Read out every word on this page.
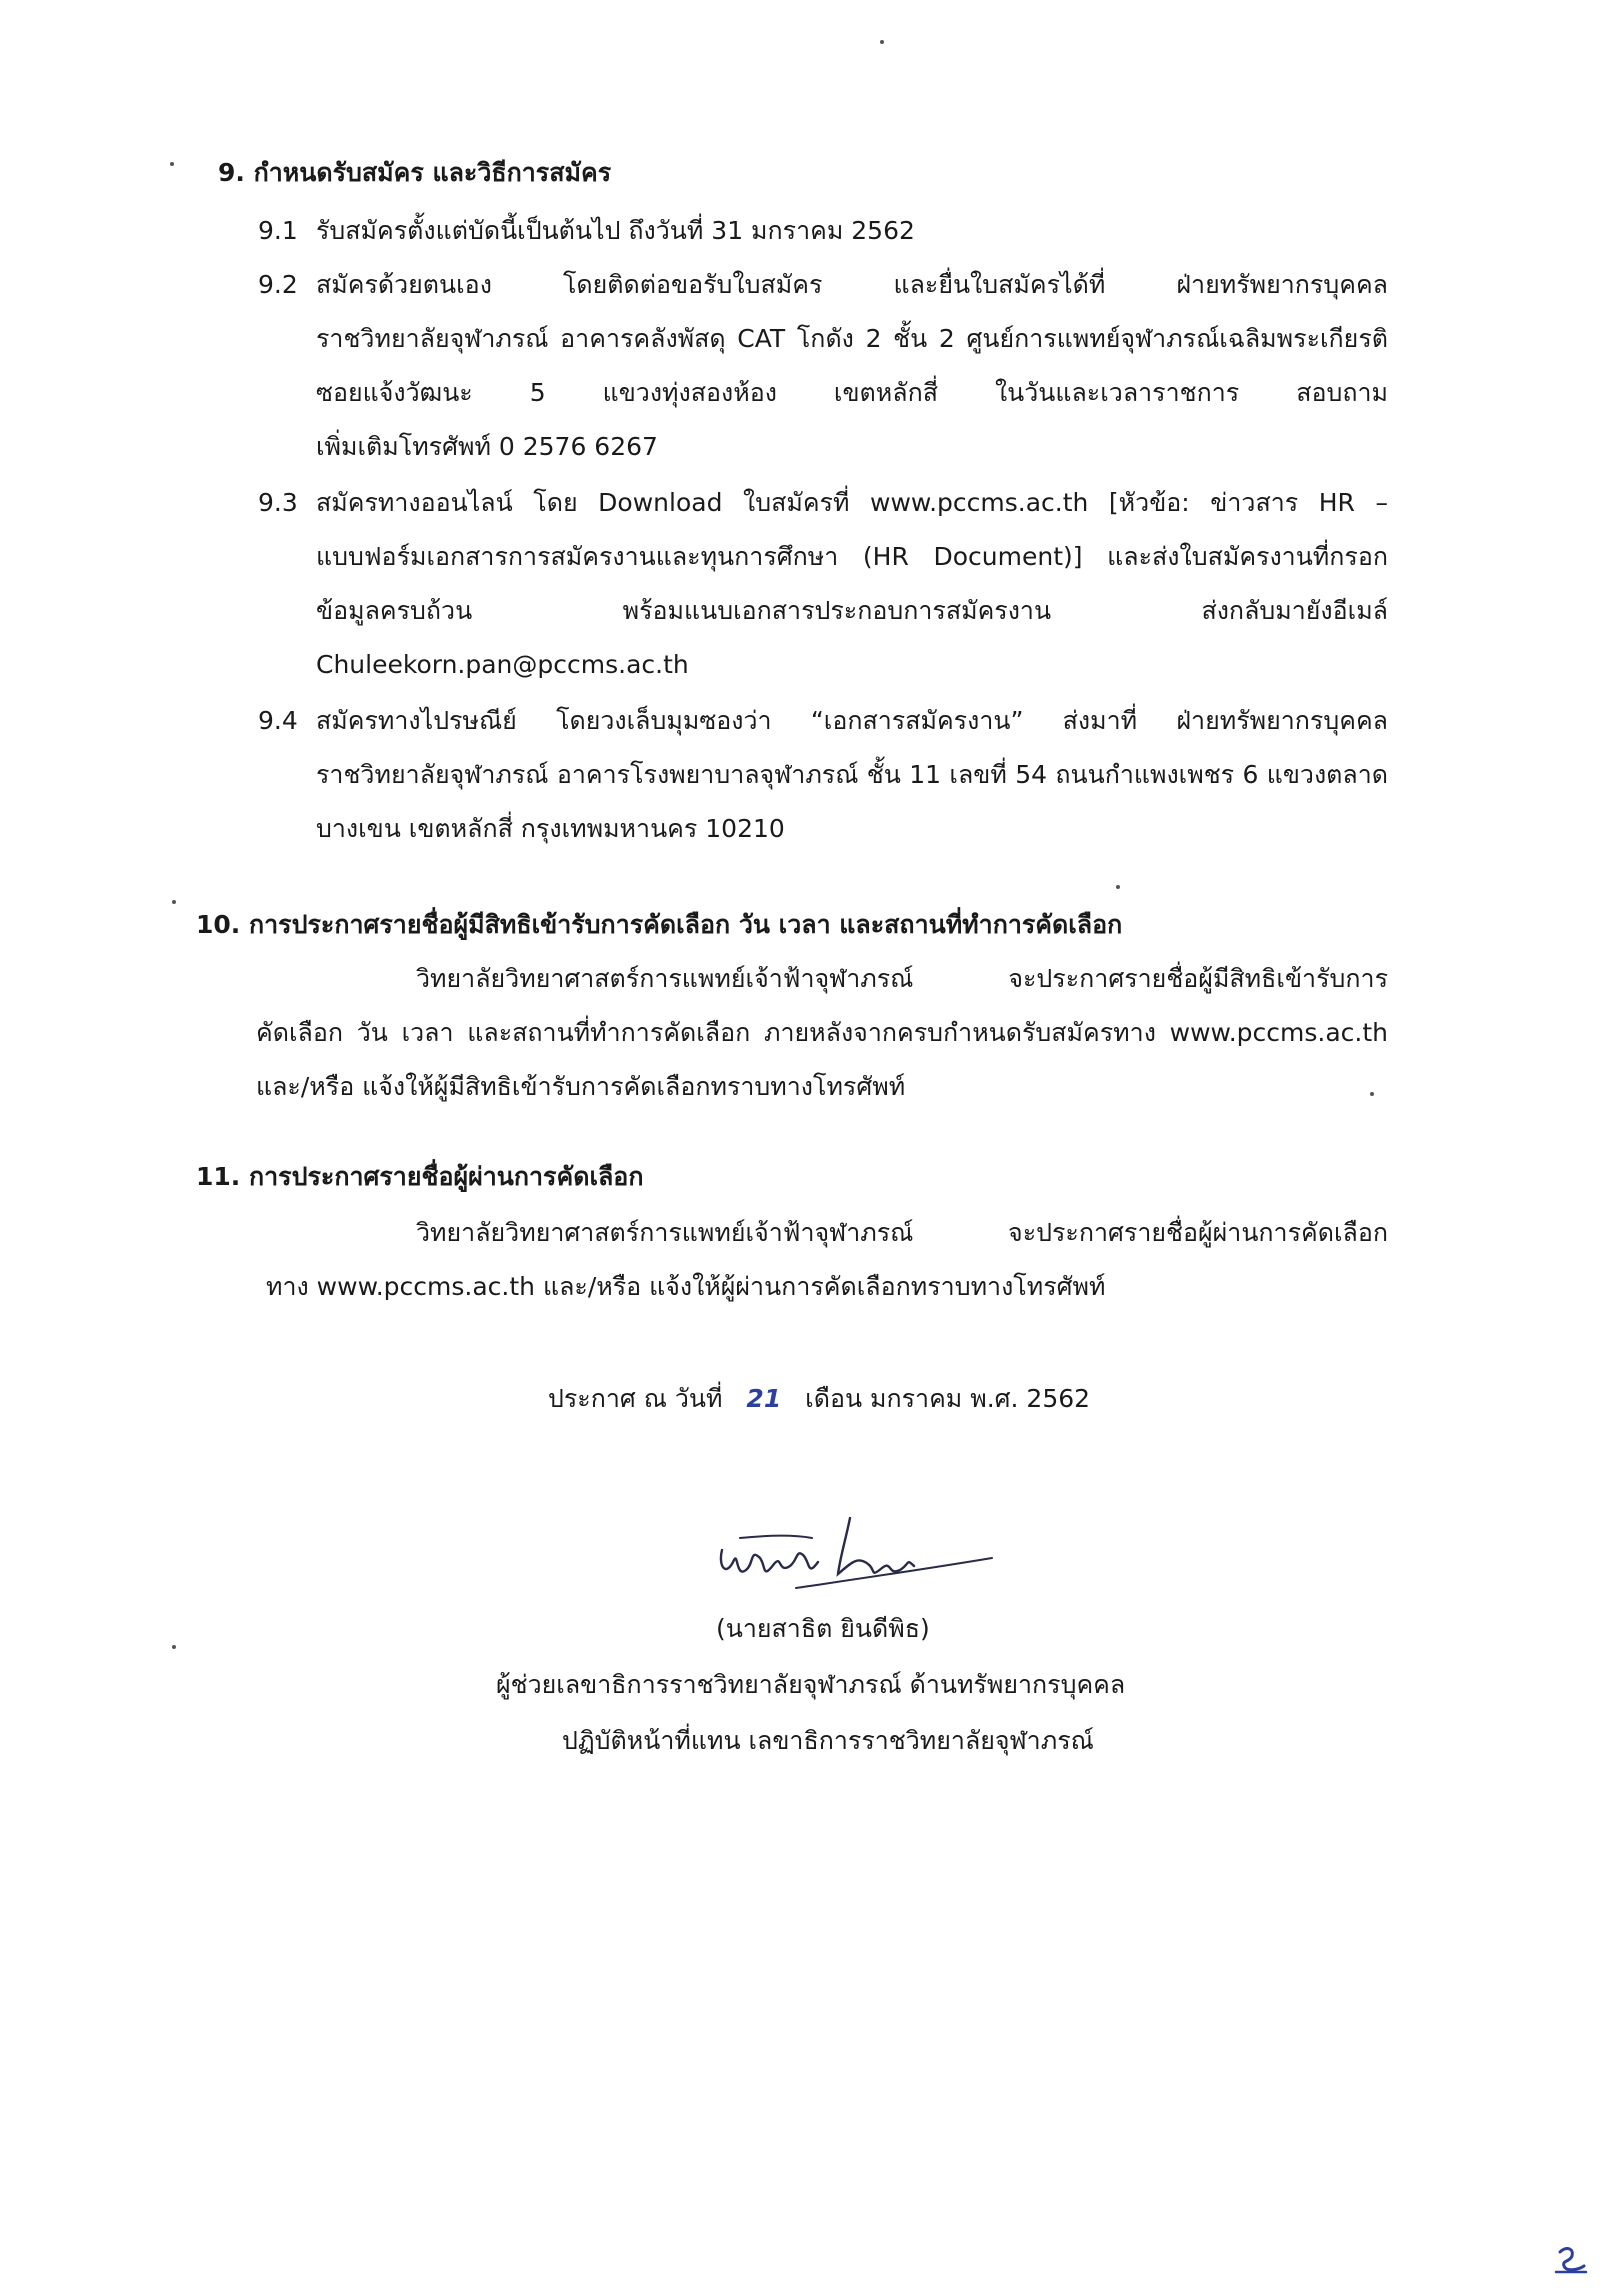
9. กำหนดรับสมัคร และวิธีการสมัคร
9.1 รับสมัครตั้งแต่บัดนี้เป็นต้นไป ถึงวันที่ 31 มกราคม 2562
9.2 สมัครด้วยตนเอง โดยติดต่อขอรับใบสมัคร และยื่นใบสมัครได้ที่ ฝ่ายทรัพยากรบุคคล
ราชวิทยาลัยจุฬาภรณ์ อาคารคลังพัสดุ CAT โกดัง 2 ชั้น 2 ศูนย์การแพทย์จุฬาภรณ์เฉลิมพระเกียรติ
ซอยแจ้งวัฒนะ 5 แขวงทุ่งสองห้อง เขตหลักสี่ ในวันและเวลาราชการ สอบถาม
เพิ่มเติมโทรศัพท์ 0 2576 6267
9.3 สมัครทางออนไลน์ โดย Download ใบสมัครที่ www.pccms.ac.th [หัวข้อ: ข่าวสาร HR –
แบบฟอร์มเอกสารการสมัครงานและทุนการศึกษา (HR Document)] และส่งใบสมัครงานที่กรอก
ข้อมูลครบถ้วน พร้อมแนบเอกสารประกอบการสมัครงาน ส่งกลับมายังอีเมล์
Chuleekorn.pan@pccms.ac.th
9.4 สมัครทางไปรษณีย์ โดยวงเล็บมุมซองว่า “เอกสารสมัครงาน” ส่งมาที่ ฝ่ายทรัพยากรบุคคล
ราชวิทยาลัยจุฬาภรณ์ อาคารโรงพยาบาลจุฬาภรณ์ ชั้น 11 เลขที่ 54 ถนนกำแพงเพชร 6 แขวงตลาด
บางเขน เขตหลักสี่ กรุงเทพมหานคร 10210
10. การประกาศรายชื่อผู้มีสิทธิเข้ารับการคัดเลือก วัน เวลา และสถานที่ทำการคัดเลือก
วิทยาลัยวิทยาศาสตร์การแพทย์เจ้าฟ้าจุฬาภรณ์ จะประกาศรายชื่อผู้มีสิทธิเข้ารับการ
คัดเลือก วัน เวลา และสถานที่ทำการคัดเลือก ภายหลังจากครบกำหนดรับสมัครทาง www.pccms.ac.th
และ/หรือ แจ้งให้ผู้มีสิทธิเข้ารับการคัดเลือกทราบทางโทรศัพท์
11. การประกาศรายชื่อผู้ผ่านการคัดเลือก
วิทยาลัยวิทยาศาสตร์การแพทย์เจ้าฟ้าจุฬาภรณ์ จะประกาศรายชื่อผู้ผ่านการคัดเลือก
ทาง www.pccms.ac.th และ/หรือ แจ้งให้ผู้ผ่านการคัดเลือกทราบทางโทรศัพท์
ประกาศ ณ วันที่ 21 เดือน มกราคม พ.ศ. 2562
(นายสาธิต ยินดีพิธ)
ผู้ช่วยเลขาธิการราชวิทยาลัยจุฬาภรณ์ ด้านทรัพยากรบุคคล
ปฏิบัติหน้าที่แทน เลขาธิการราชวิทยาลัยจุฬาภรณ์
